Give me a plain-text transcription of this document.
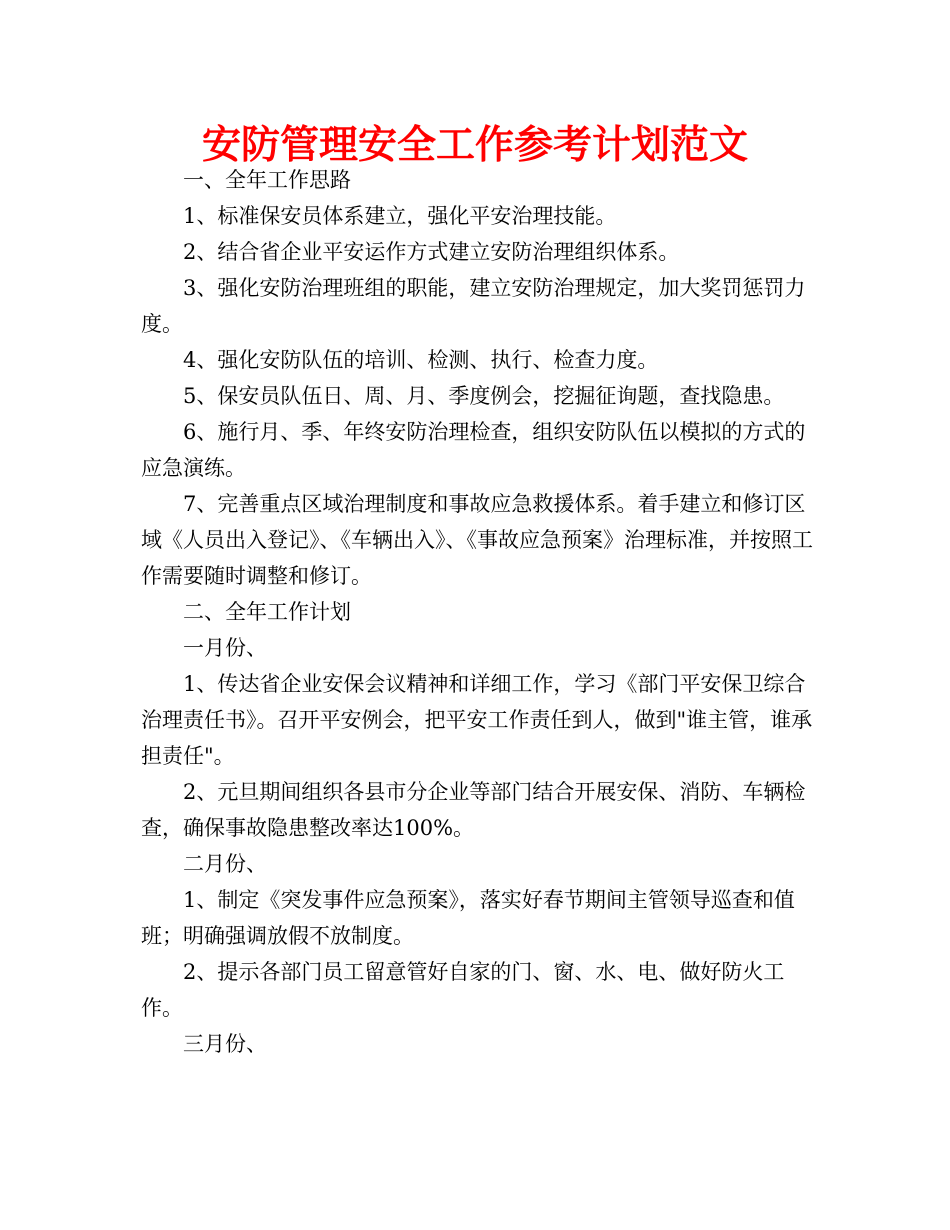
安防管理安全工作参考计划范文

一、全年工作思路

1、标准保安员体系建立，强化平安治理技能。

2、结合省企业平安运作方式建立安防治理组织体系。

3、强化安防治理班组的职能，建立安防治理规定，加大奖罚惩罚力度。

4、强化安防队伍的培训、检测、执行、检查力度。

5、保安员队伍日、周、月、季度例会，挖掘征询题，查找隐患。

6、施行月、季、年终安防治理检查，组织安防队伍以模拟的方式的应急演练。

7、完善重点区域治理制度和事故应急救援体系。着手建立和修订区域《人员出入登记》、《车辆出入》、《事故应急预案》治理标准，并按照工作需要随时调整和修订。

二、全年工作计划

一月份、

1、传达省企业安保会议精神和详细工作，学习《部门平安保卫综合治理责任书》。召开平安例会，把平安工作责任到人，做到"谁主管，谁承担责任"。

2、元旦期间组织各县市分企业等部门结合开展安保、消防、车辆检查，确保事故隐患整改率达100%。

二月份、

1、制定《突发事件应急预案》，落实好春节期间主管领导巡查和值班；明确强调放假不放制度。

2、提示各部门员工留意管好自家的门、窗、水、电、做好防火工作。

三月份、
